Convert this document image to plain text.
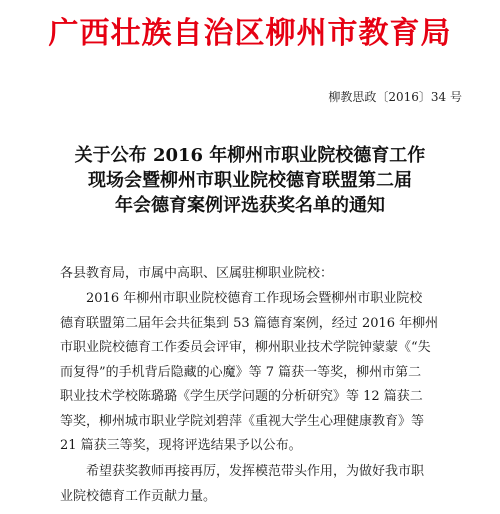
广西壮族自治区柳州市教育局
柳教思政〔2016〕34 号
关于公布 2016 年柳州市职业院校德育工作
现场会暨柳州市职业院校德育联盟第二届
年会德育案例评选获奖名单的通知
各县教育局，市属中高职、区属驻柳职业院校：
2016 年柳州市职业院校德育工作现场会暨柳州市职业院校
德育联盟第二届年会共征集到 53 篇德育案例，经过 2016 年柳州
市职业院校德育工作委员会评审，柳州职业技术学院钟蒙蒙《“失
而复得”的手机背后隐藏的心魔》等 7 篇获一等奖，柳州市第二
职业技术学校陈璐璐《学生厌学问题的分析研究》等 12 篇获二
等奖，柳州城市职业学院刘碧萍《重视大学生心理健康教育》等
21 篇获三等奖，现将评选结果予以公布。
希望获奖教师再接再厉，发挥模范带头作用，为做好我市职
业院校德育工作贡献力量。
